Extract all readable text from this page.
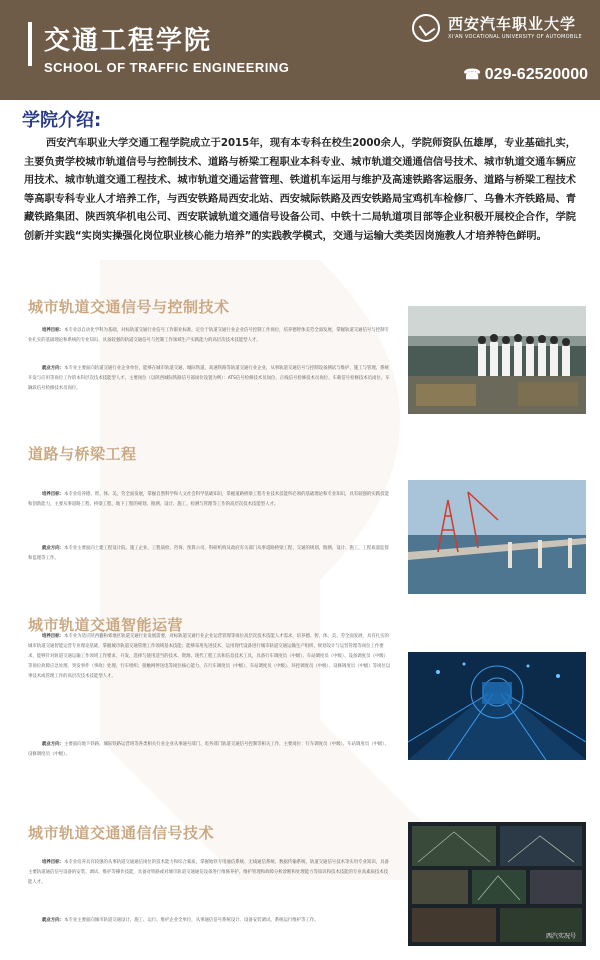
交通工程学院
SCHOOL OF TRAFFIC ENGINEERING
西安汽车职业大学
XI'AN VOCATIONAL UNIVERSITY OF AUTOMOBILE
☎ 029-62520000
学院介绍:
西安汽车职业大学交通工程学院成立于2015年，现有本专科在校生2000余人，学院师资队伍雄厚，专业基础扎实，主要负责学校城市轨道信号与控制技术、道路与桥梁工程职业本科专业、城市轨道交通通信信号技术、城市轨道交通车辆应用技术、城市轨道交通工程技术、城市轨道交通运营管理、铁道机车运用与维护及高速铁路客运服务、道路与桥梁工程技术等高职专科专业人才培养工作，与西安铁路局西安北站、西安城际铁路及西安铁路局宝鸡机车检修厂、乌鲁木齐铁路局、青藏铁路集团、陕西筑华机电公司、西安联诚轨道交通信号设备公司、中铁十二局轨道项目部等企业积极开展校企合作，学院创新并实践“实岗实操强化岗位职业核心能力培养”的实践教学模式，交通与运输大类类因岗施教人才培养特色鲜明。
城市轨道交通信号与控制技术
培养目标：本专业以自动化学科为基础，对标轨道交通行业信号工作职业标准，定位于轨道交通行业企业信号控制工作岗位，培养德智体美劳全面发展，掌握轨道交通信号与控制专业扎实的基础理论和系统的专业知识，具备较强的轨道交通信号与控制工作领域生产实践能力的高层次技术技能型人才。
就业方向：本专业主要面向轨道交通行业企业单位，能够在城市轨道交通、城际铁道、高速铁路等轨道交通行业企业，从事轨道交通信号与控制设备测试与维护、施工与管理、系统开发与应用等岗位工作的本科层次技术技能型人才。主要岗位（以陕西城际铁路信号部岗位设置为例）：ATS信号检修技术员岗位、正线信号检修技术员岗位、车载信号检修技术员岗位、车辆段信号检修技术员岗位。
道路与桥梁工程
培养目标：本专业培养德、智、体、美、劳全面发展，掌握自然科学和人文社会科学基础知识，掌握道路桥梁工程专业技术技能所必须的基础理论和专业知识，具有较强的实践技能和创新能力，主要从事道路工程、桥梁工程、地下工程的规划、勘测、设计、施工、检测与管理等工作的高层次技术技能型人才。
就业方向：本专业主要面向土建工程设计院、施工企业、工程质检、咨询、预算公司、科研机构及政府有关部门从事道路桥梁工程、交通的规划、勘测、设计、施工、工程质量监督和监理等工作。
城市轨道交通智能运营
培养目标：本专业为适应陕西籍和郊地区轨道交通行业发展需要，对标轨道交通行业企业运营管理等岗位高层次技术技能人才需求，培养德、智、体、美、劳全面发展，具有扎实的城市轨道交通智能运营专业理论基础，掌握城市轨道交通管理工作领域基本技能；能够采用先进技术，运用现代设备进行城市轨道交通运输生产组织、规划设计与运营管理等岗位工作要求，能够针对轨道交通运输工作领域工作要求，开发、选择与使用适当的技术、资源、现代工程工具和信息技术工具，具备行车调度员（中级）、车站调度员（中级）、设备调度员（中级）等岗位故障应急处理、突发事件（事故）处理、行车组织；接触网停送电等岗位核心能力，在行车调度员（中级）、车站调度员（中级）、环控调度员（中级）、设修调度员（中级）等岗位以事技术或管理工作的高层次技术技能型人才。
就业方向：主要面向地下铁路、城际铁路运营班等各类相关行业企业从事通号部门、电务部门轨道交通信号控制等相关工作，主要岗位：行车调度员（中级）、车站调度员（中级）、设修调度员（中级）。
城市轨道交通通信信号技术
培养目标：本专业培养具有较强的从事轨道交通通信岗位的技术能力和综合素质，掌握地铁专用通信系统、无线通信系统、数据传输系统、轨道交通信号技术等实用专业知识，具备主要轨道通信信号设备的安装、调试、维护等操作技能，具备对铁路或对城市轨道交通通信设备进行维修养护、维护管理和故障分析诊断和处理能力等知识和技术技能的专业高素质技术技能人才。
就业方向：本专业主要面向城市轨道交通设计、施工、运行、维护企业全单位，从事通信信号系统设计、设备安装调试、系统运行维护等工作。
西汽实况号
